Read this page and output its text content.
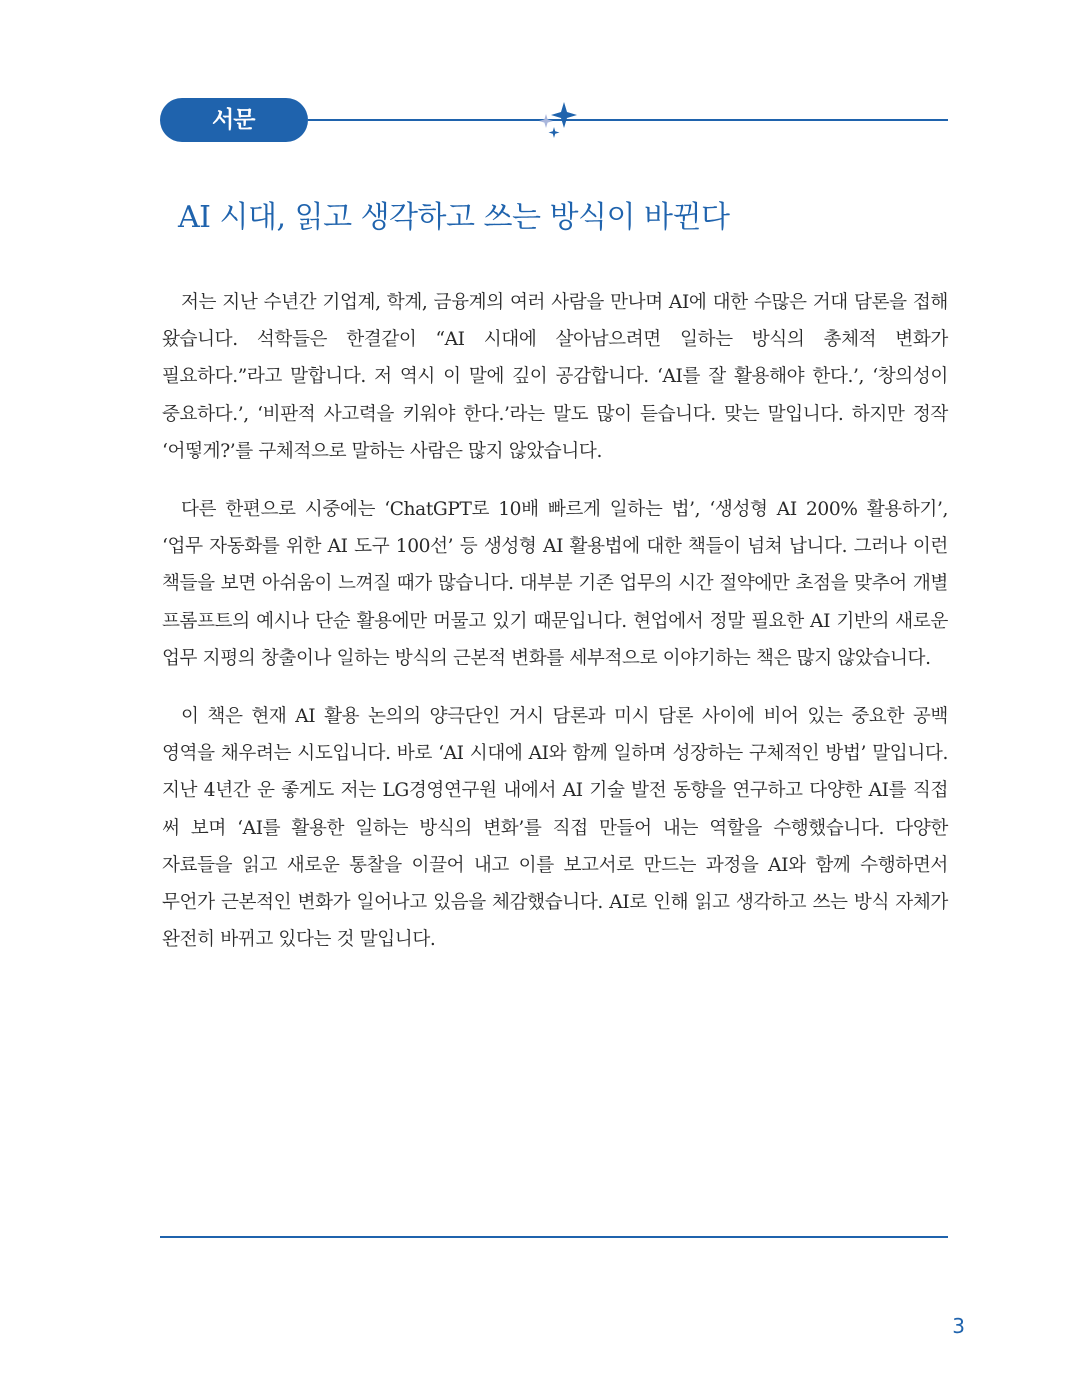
서문
AI 시대, 읽고 생각하고 쓰는 방식이 바뀐다

저는 지난 수년간 기업계, 학계, 금융계의 여러 사람을 만나며 AI에 대한 수많은 거대 담론을 접해 왔습니다. 석학들은 한결같이 “AI 시대에 살아남으려면 일하는 방식의 총체적 변화가 필요하다.”라고 말합니다. 저 역시 이 말에 깊이 공감합니다. ‘AI를 잘 활용해야 한다.’, ‘창의성이 중요하다.’, ‘비판적 사고력을 키워야 한다.’라는 말도 많이 듣습니다. 맞는 말입니다. 하지만 정작 ‘어떻게?’를 구체적으로 말하는 사람은 많지 않았습니다.

다른 한편으로 시중에는 ‘ChatGPT로 10배 빠르게 일하는 법’, ‘생성형 AI 200% 활용하기’, ‘업무 자동화를 위한 AI 도구 100선’ 등 생성형 AI 활용법에 대한 책들이 넘쳐 납니다. 그러나 이런 책들을 보면 아쉬움이 느껴질 때가 많습니다. 대부분 기존 업무의 시간 절약에만 초점을 맞추어 개별 프롬프트의 예시나 단순 활용에만 머물고 있기 때문입니다. 현업에서 정말 필요한 AI 기반의 새로운 업무 지평의 창출이나 일하는 방식의 근본적 변화를 세부적으로 이야기하는 책은 많지 않았습니다.

이 책은 현재 AI 활용 논의의 양극단인 거시 담론과 미시 담론 사이에 비어 있는 중요한 공백 영역을 채우려는 시도입니다. 바로 ‘AI 시대에 AI와 함께 일하며 성장하는 구체적인 방법’ 말입니다. 지난 4년간 운 좋게도 저는 LG경영연구원 내에서 AI 기술 발전 동향을 연구하고 다양한 AI를 직접 써 보며 ‘AI를 활용한 일하는 방식의 변화’를 직접 만들어 내는 역할을 수행했습니다. 다양한 자료들을 읽고 새로운 통찰을 이끌어 내고 이를 보고서로 만드는 과정을 AI와 함께 수행하면서 무언가 근본적인 변화가 일어나고 있음을 체감했습니다. AI로 인해 읽고 생각하고 쓰는 방식 자체가 완전히 바뀌고 있다는 것 말입니다.

3
